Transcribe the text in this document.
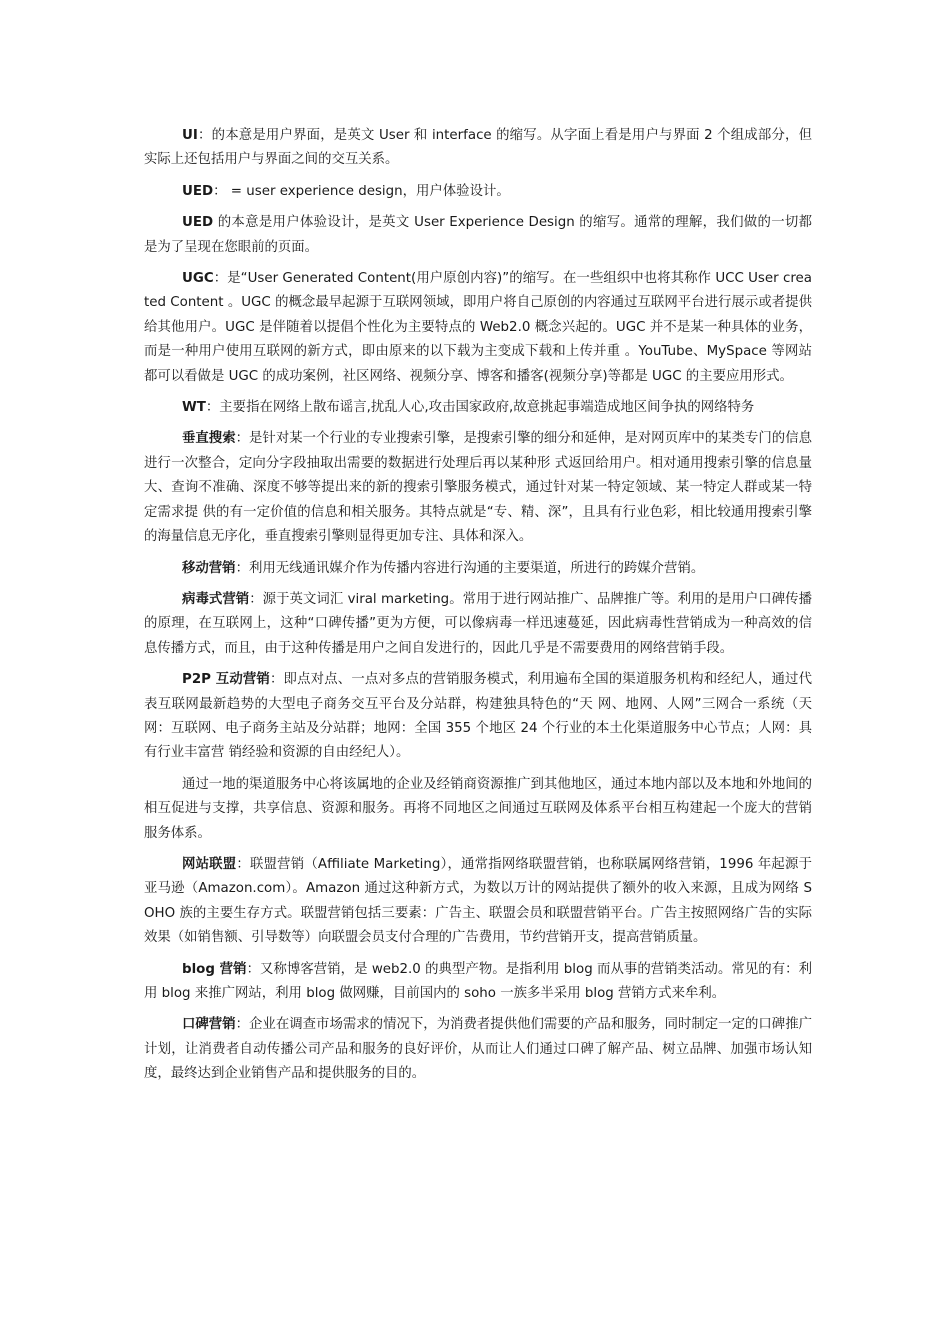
UI：的本意是用户界面，是英文 User 和 interface 的缩写。从字面上看是用户与界面 2 个组成部分，但实际上还包括用户与界面之间的交互关系。

UED： = user experience design，用户体验设计。

UED 的本意是用户体验设计，是英文 User Experience Design 的缩写。通常的理解，我们做的一切都是为了呈现在您眼前的页面。

UGC：是“User Generated Content(用户原创内容)”的缩写。在一些组织中也将其称作 UCC User created Content 。UGC 的概念最早起源于互联网领域，即用户将自己原创的内容通过互联网平台进行展示或者提供给其他用户。UGC 是伴随着以提倡个性化为主要特点的 Web2.0 概念兴起的。UGC 并不是某一种具体的业务，而是一种用户使用互联网的新方式，即由原来的以下载为主变成下载和上传并重 。YouTube、MySpace 等网站都可以看做是 UGC 的成功案例，社区网络、视频分享、博客和播客(视频分享)等都是 UGC 的主要应用形式。

WT：主要指在网络上散布谣言,扰乱人心,攻击国家政府,故意挑起事端造成地区间争执的网络特务

垂直搜索：是针对某一个行业的专业搜索引擎，是搜索引擎的细分和延伸，是对网页库中的某类专门的信息进行一次整合，定向分字段抽取出需要的数据进行处理后再以某种形 式返回给用户。相对通用搜索引擎的信息量大、查询不准确、深度不够等提出来的新的搜索引擎服务模式，通过针对某一特定领域、某一特定人群或某一特定需求提 供的有一定价值的信息和相关服务。其特点就是“专、精、深”，且具有行业色彩，相比较通用搜索引擎的海量信息无序化，垂直搜索引擎则显得更加专注、具体和深入。

移动营销：利用无线通讯媒介作为传播内容进行沟通的主要渠道，所进行的跨媒介营销。

病毒式营销：源于英文词汇 viral marketing。常用于进行网站推广、品牌推广等。利用的是用户口碑传播的原理，在互联网上，这种“口碑传播”更为方便，可以像病毒一样迅速蔓延，因此病毒性营销成为一种高效的信息传播方式，而且，由于这种传播是用户之间自发进行的，因此几乎是不需要费用的网络营销手段。

P2P 互动营销：即点对点、一点对多点的营销服务模式，利用遍布全国的渠道服务机构和经纪人，通过代表互联网最新趋势的大型电子商务交互平台及分站群，构建独具特色的“天 网、地网、人网”三网合一系统（天网：互联网、电子商务主站及分站群；地网：全国 355 个地区 24 个行业的本土化渠道服务中心节点；人网：具有行业丰富营 销经验和资源的自由经纪人）。

通过一地的渠道服务中心将该属地的企业及经销商资源推广到其他地区，通过本地内部以及本地和外地间的相互促进与支撑，共享信息、资源和服务。再将不同地区之间通过互联网及体系平台相互构建起一个庞大的营销服务体系。

网站联盟：联盟营销（Affiliate Marketing），通常指网络联盟营销，也称联属网络营销，1996 年起源于亚马逊（Amazon.com）。Amazon 通过这种新方式，为数以万计的网站提供了额外的收入来源，且成为网络 SOHO 族的主要生存方式。联盟营销包括三要素：广告主、联盟会员和联盟营销平台。广告主按照网络广告的实际效果（如销售额、引导数等）向联盟会员支付合理的广告费用，节约营销开支，提高营销质量。

blog 营销：又称博客营销，是 web2.0 的典型产物。是指利用 blog 而从事的营销类活动。常见的有：利用 blog 来推广网站，利用 blog 做网赚，目前国内的 soho 一族多半采用 blog 营销方式来牟利。

口碑营销：企业在调查市场需求的情况下，为消费者提供他们需要的产品和服务，同时制定一定的口碑推广计划，让消费者自动传播公司产品和服务的良好评价，从而让人们通过口碑了解产品、树立品牌、加强市场认知度，最终达到企业销售产品和提供服务的目的。
